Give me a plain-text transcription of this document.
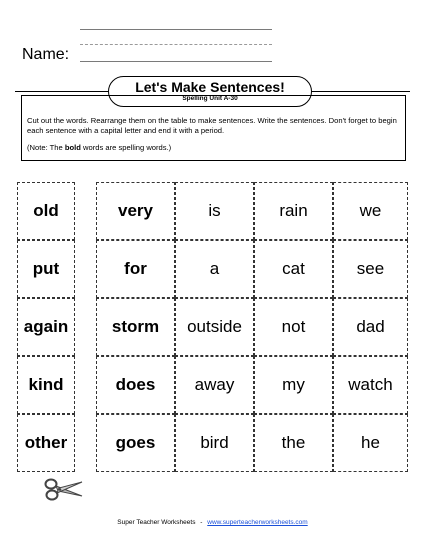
Name:
Let's Make Sentences!
Spelling Unit A-30

Cut out the words. Rearrange them on the table to make sentences. Write the sentences. Don't forget to begin each sentence with a capital letter and end it with a period.

(Note: The bold words are spelling words.)

old	very	is	rain	we
put	for	a	cat	see
again	storm	outside	not	dad
kind	does	away	my	watch
other	goes	bird	the	he
Super Teacher Worksheets - www.superteacherworksheets.com
